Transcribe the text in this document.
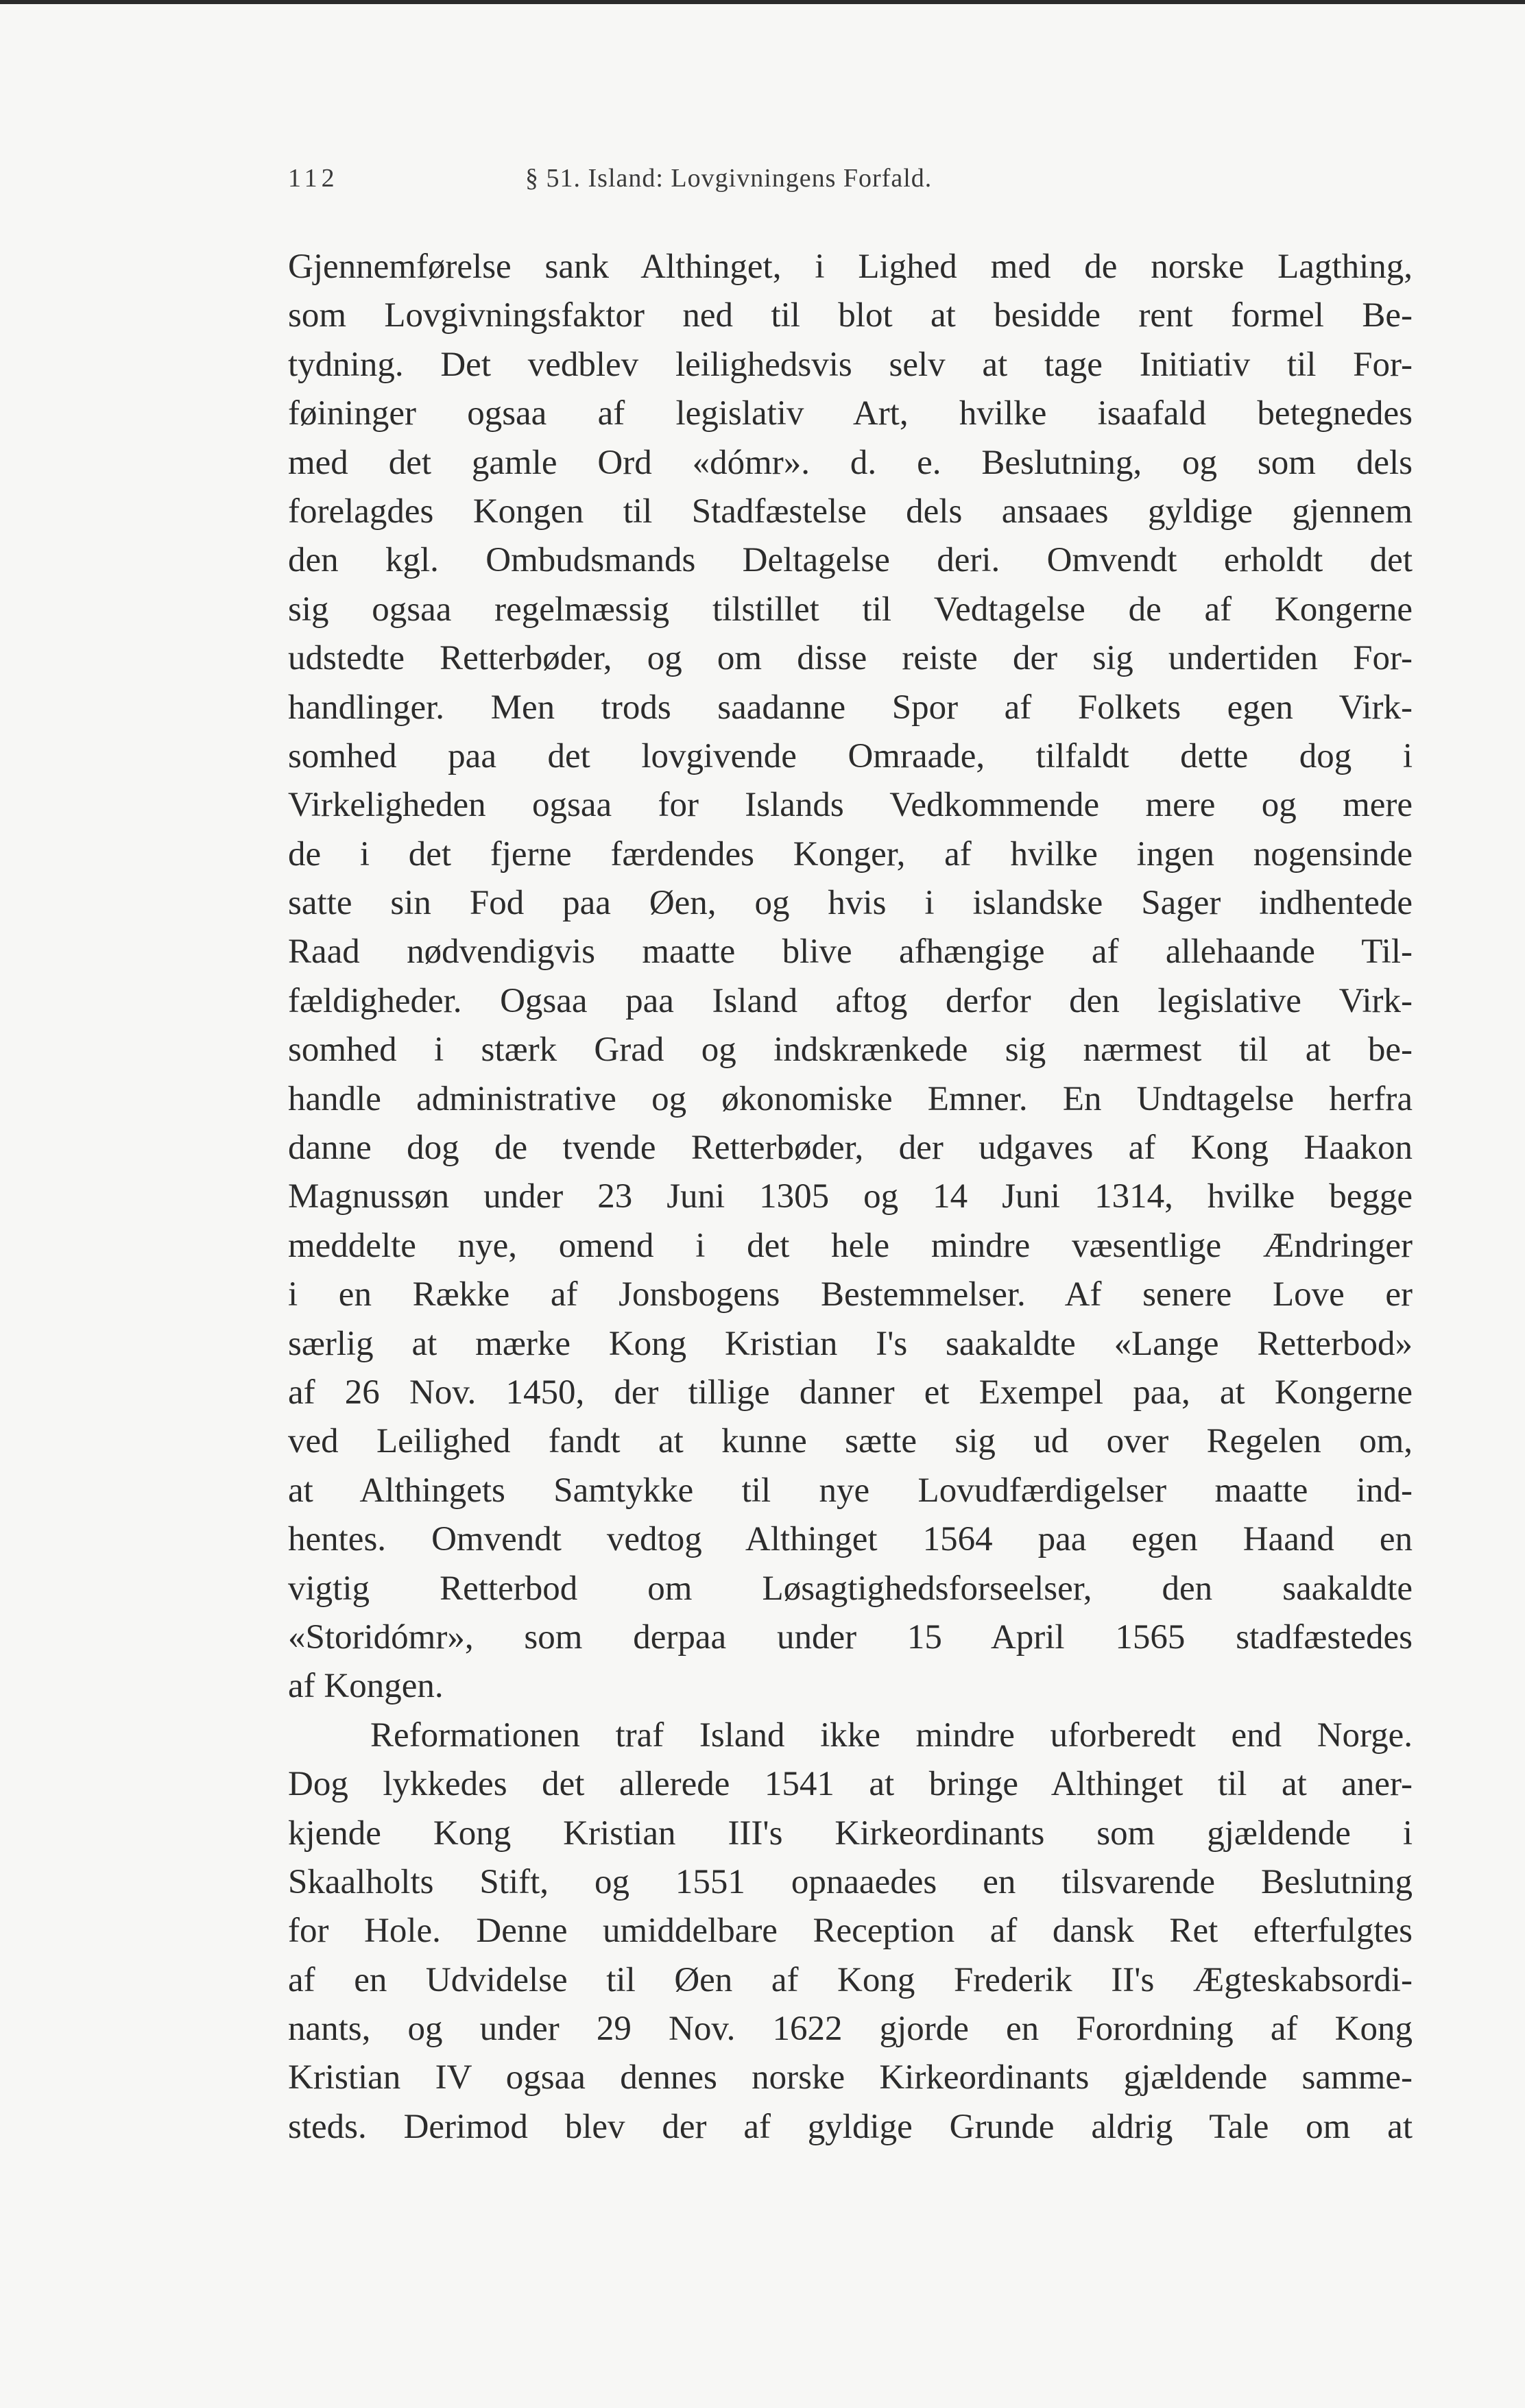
112	§ 51. Island: Lovgivningens Forfald.
Gjennemførelse sank Althinget, i Lighed med de norske Lagthing,
som Lovgivningsfaktor ned til blot at besidde rent formel Be-
tydning. Det vedblev leilighedsvis selv at tage Initiativ til For-
føininger ogsaa af legislativ Art, hvilke isaafald betegnedes
med det gamle Ord «dómr». d. e. Beslutning, og som dels
forelagdes Kongen til Stadfæstelse dels ansaaes gyldige gjennem
den kgl. Ombudsmands Deltagelse deri. Omvendt erholdt det
sig ogsaa regelmæssig tilstillet til Vedtagelse de af Kongerne
udstedte Retterbøder, og om disse reiste der sig undertiden For-
handlinger. Men trods saadanne Spor af Folkets egen Virk-
somhed paa det lovgivende Omraade, tilfaldt dette dog i
Virkeligheden ogsaa for Islands Vedkommende mere og mere
de i det fjerne færdendes Konger, af hvilke ingen nogensinde
satte sin Fod paa Øen, og hvis i islandske Sager indhentede
Raad nødvendigvis maatte blive afhængige af allehaande Til-
fældigheder. Ogsaa paa Island aftog derfor den legislative Virk-
somhed i stærk Grad og indskrænkede sig nærmest til at be-
handle administrative og økonomiske Emner. En Undtagelse herfra
danne dog de tvende Retterbøder, der udgaves af Kong Haakon
Magnussøn under 23 Juni 1305 og 14 Juni 1314, hvilke begge
meddelte nye, omend i det hele mindre væsentlige Ændringer
i en Række af Jonsbogens Bestemmelser. Af senere Love er
særlig at mærke Kong Kristian I's saakaldte «Lange Retterbod»
af 26 Nov. 1450, der tillige danner et Exempel paa, at Kongerne
ved Leilighed fandt at kunne sætte sig ud over Regelen om,
at Althingets Samtykke til nye Lovudfærdigelser maatte ind-
hentes. Omvendt vedtog Althinget 1564 paa egen Haand en
vigtig Retterbod om Løsagtighedsforseelser, den saakaldte
«Storidómr», som derpaa under 15 April 1565 stadfæstedes
af Kongen.
Reformationen traf Island ikke mindre uforberedt end Norge.
Dog lykkedes det allerede 1541 at bringe Althinget til at aner-
kjende Kong Kristian III's Kirkeordinants som gjældende i
Skaalholts Stift, og 1551 opnaaedes en tilsvarende Beslutning
for Hole. Denne umiddelbare Reception af dansk Ret efterfulgtes
af en Udvidelse til Øen af Kong Frederik II's Ægteskabsordi-
nants, og under 29 Nov. 1622 gjorde en Forordning af Kong
Kristian IV ogsaa dennes norske Kirkeordinants gjældende samme-
steds. Derimod blev der af gyldige Grunde aldrig Tale om at
